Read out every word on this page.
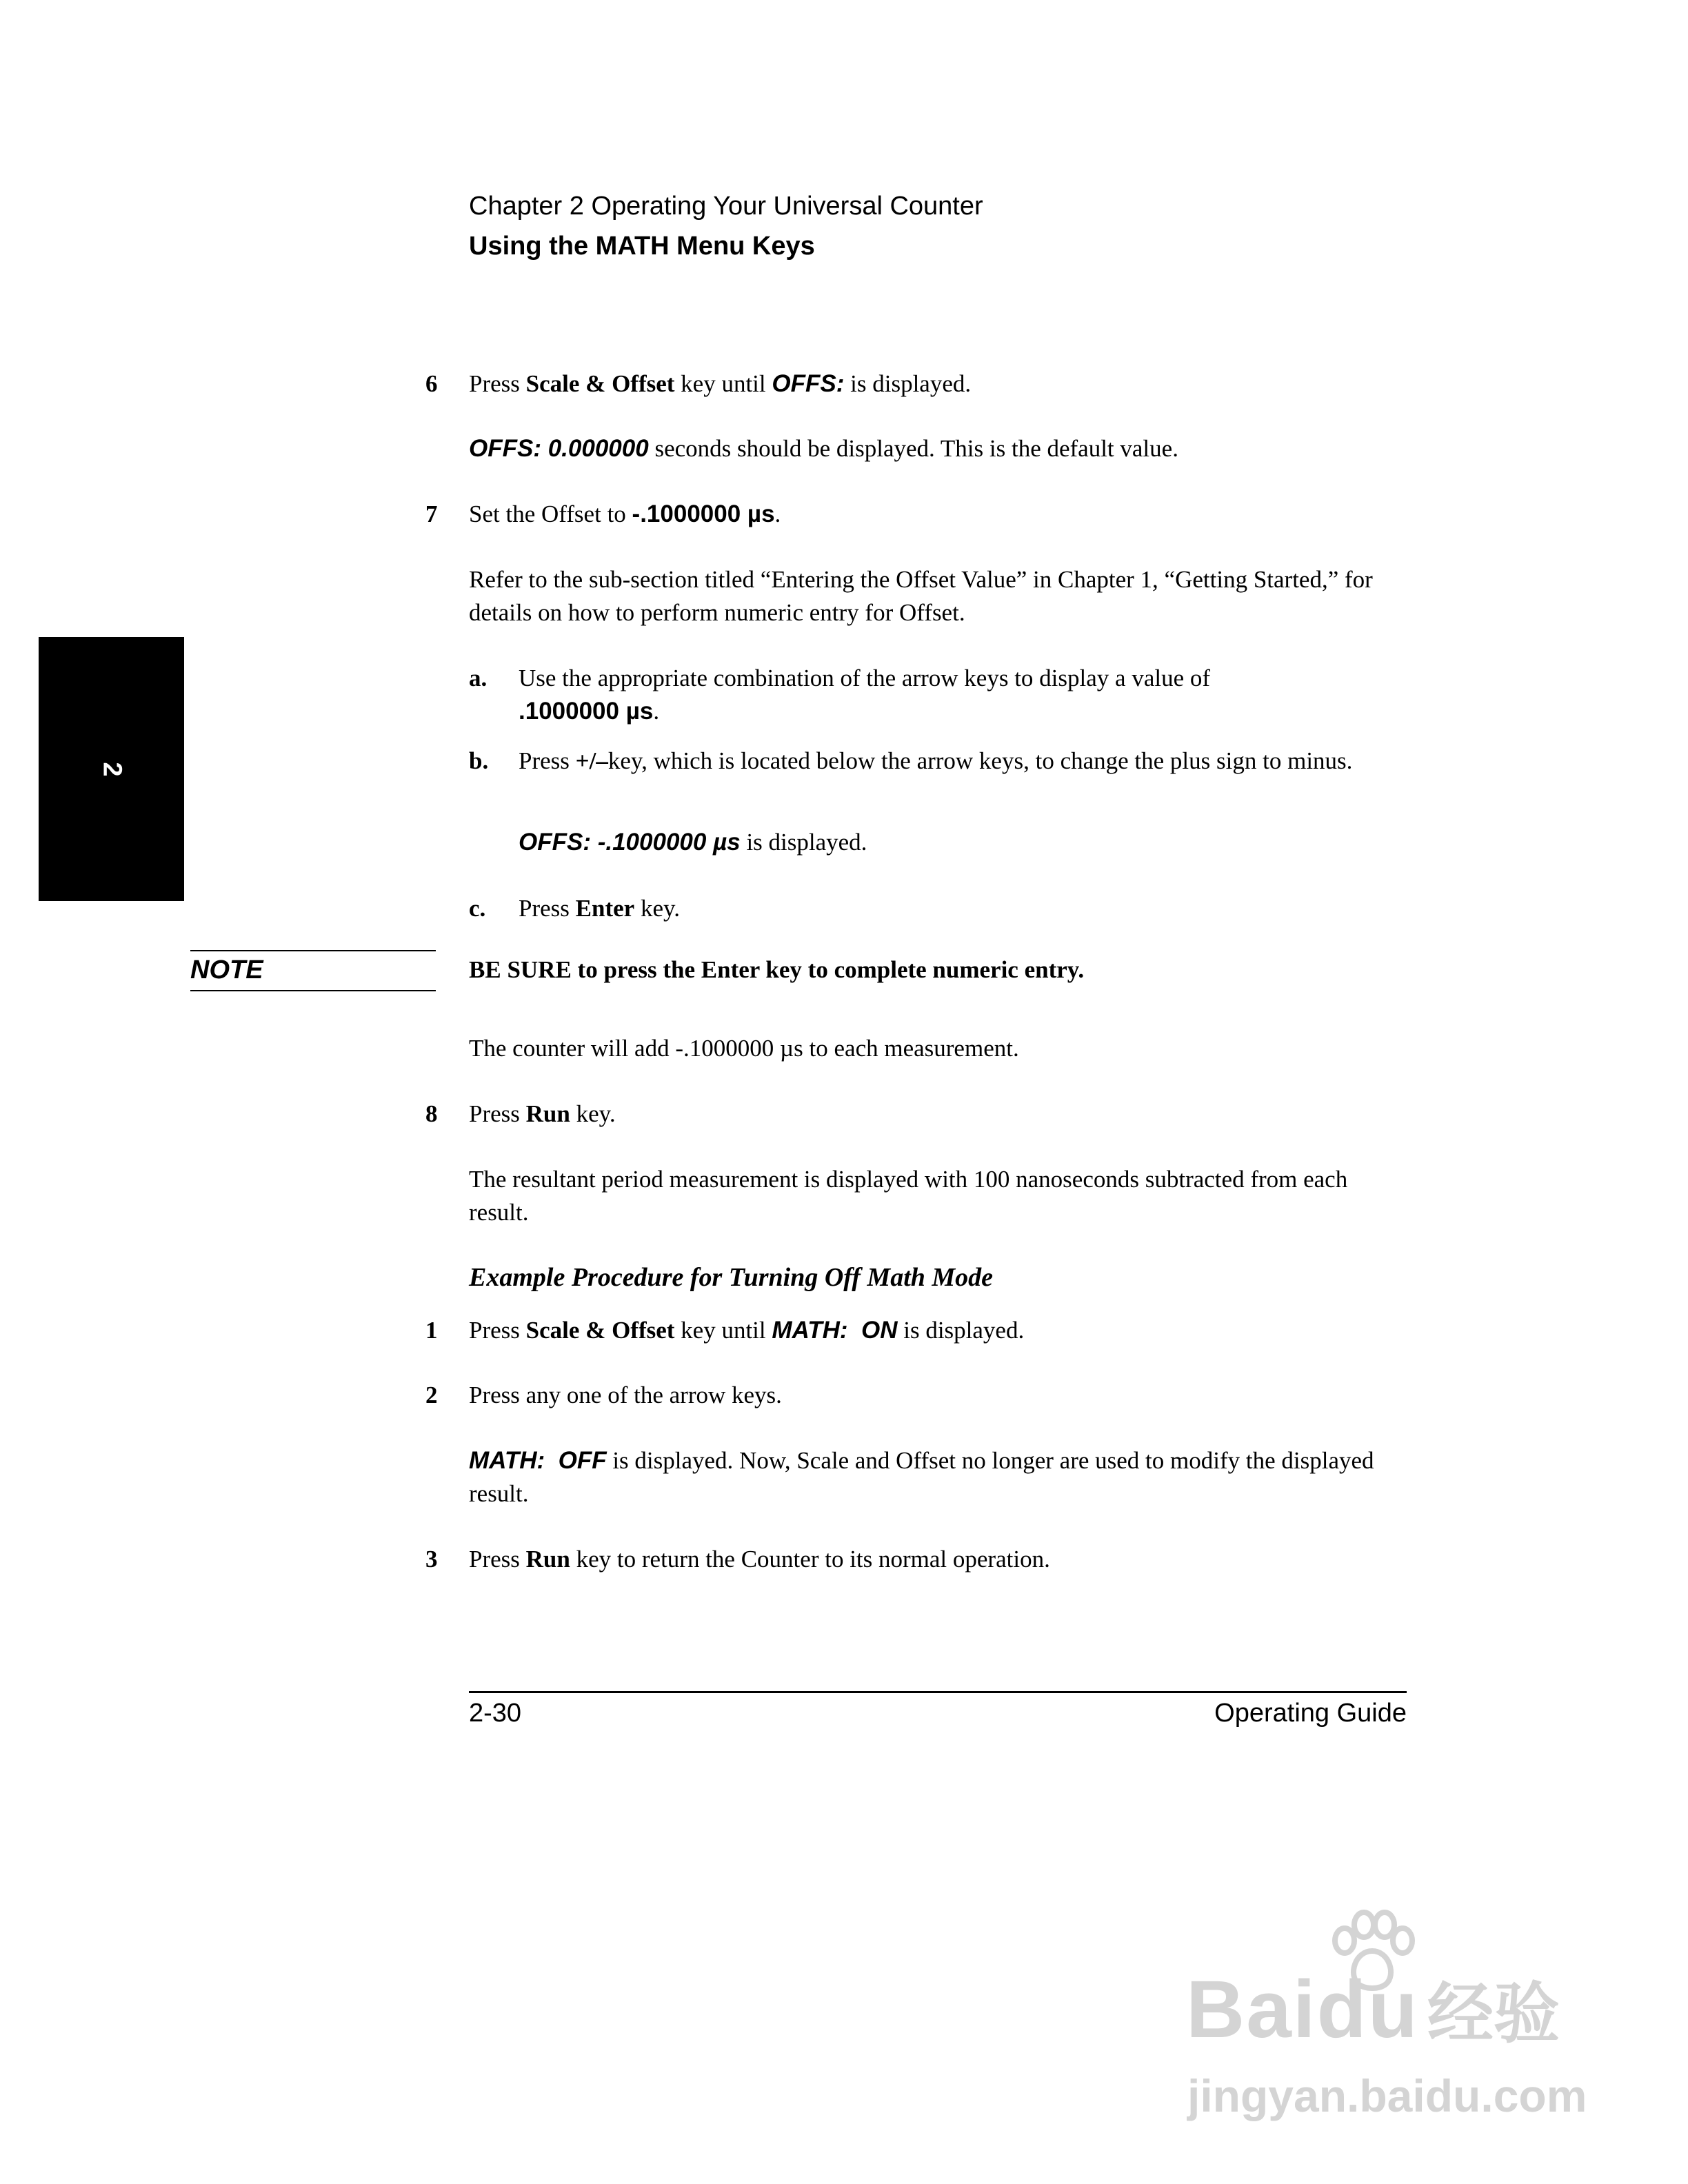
Chapter 2 Operating Your Universal Counter
Using the MATH Menu Keys
2
6 Press Scale & Offset key until OFFS: is displayed.
OFFS: 0.000000 seconds should be displayed. This is the default value.
7 Set the Offset to -.1000000 µs.
Refer to the sub-section titled “Entering the Offset Value” in Chapter 1, “Getting Started,” for details on how to perform numeric entry for Offset.
a. Use the appropriate combination of the arrow keys to display a value of
.1000000 µs.
b. Press +/–key, which is located below the arrow keys, to change the plus sign to minus.
OFFS: -.1000000 µs is displayed.
c. Press Enter key.
NOTE	BE SURE to press the Enter key to complete numeric entry.
The counter will add -.1000000 µs to each measurement.
8 Press Run key.
The resultant period measurement is displayed with 100 nanoseconds subtracted from each result.
Example Procedure for Turning Off Math Mode
1 Press Scale & Offset key until MATH:  ON is displayed.
2 Press any one of the arrow keys.
MATH:  OFF is displayed. Now, Scale and Offset no longer are used to modify the displayed result.
3 Press Run key to return the Counter to its normal operation.
2-30	Operating Guide
Baidu 经验
jingyan.baidu.com
